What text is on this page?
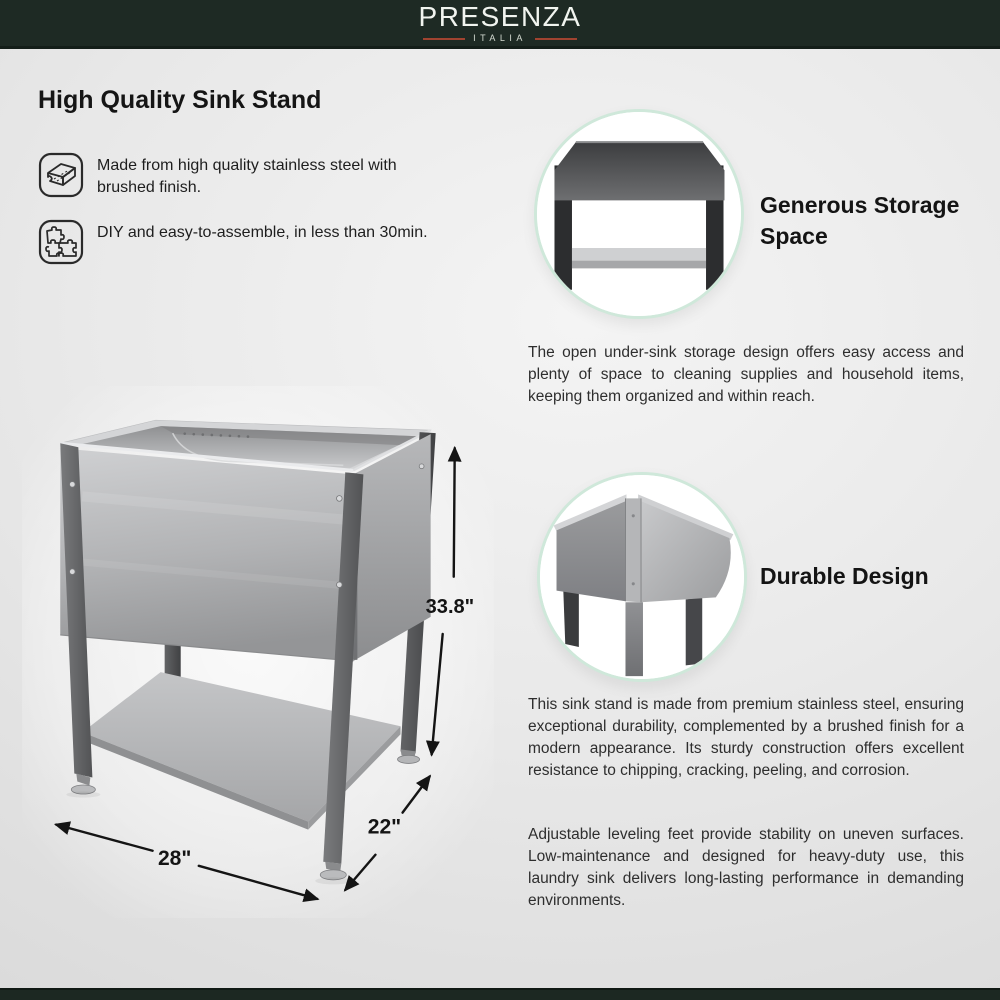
PRESENZA
ITALIA
High Quality Sink Stand
Made from high quality stainless steel with brushed finish.
DIY and easy-to-assemble, in less than 30min.
33.8"
28"
22"
Generous Storage Space
The open under-sink storage design offers easy access and plenty of space to cleaning supplies and household items, keeping them organized and within reach.
Durable Design
This sink stand is made from premium stainless steel, ensuring exceptional durability, complemented by a brushed finish for a modern appearance. Its sturdy construction offers excellent resistance to chipping, cracking, peeling, and corrosion.
Adjustable leveling feet provide stability on uneven surfaces. Low-maintenance and designed for heavy-duty use, this laundry sink delivers long-lasting performance in demanding environments.
